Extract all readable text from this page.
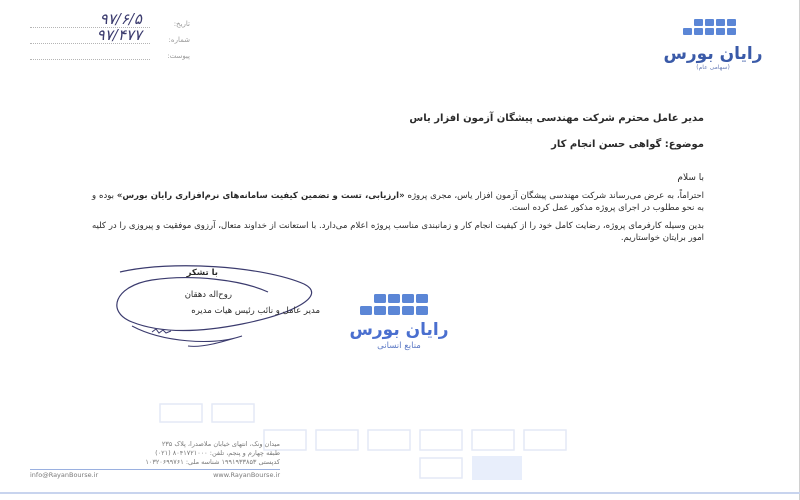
رایان بورس
(سهامی عام)
تاریخ:
۹۷/۶/۵
شماره:
۹۷/۴۷۷
پیوست:

مدیر عامل محترم شرکت مهندسی پیشگان آزمون افزار یاس

موضوع: گواهی حسن انجام کار

با سلام

احتراماً، به عرض می‌رساند شرکت مهندسی پیشگان آزمون افزار یاس، مجری پروژه «ارزیابی، تست و تضمین کیفیت سامانه‌های نرم‌افزاری رایان بورس» بوده و به نحو مطلوب در اجرای پروژه مذکور عمل کرده است.

بدین وسیله کارفرمای پروژه، رضایت کامل خود را از کیفیت انجام کار و زمانبندی مناسب پروژه اعلام می‌دارد. با استعانت از خداوند متعال، آرزوی موفقیت و پیروزی را در کلیه امور برایتان خواستاریم.

با تشکر
روح‌اله دهقان
مدیر عامل و نائب رئیس هیات مدیره
رایان بورس
منابع انسانی
میدان ونک، انتهای خیابان ملاصدرا، پلاک ۲۳۵
طبقه چهارم و پنجم، تلفن: ۸۰۴۱۷۲۱۰۰۰ (۰۲۱)
کدپستی ۱۹۹۱۹۳۳۸۵۳ شناسه ملی: ۱۰۳۲۰۶۹۹۷۶۱
info@RayanBourse.ir	www.RayanBourse.ir
